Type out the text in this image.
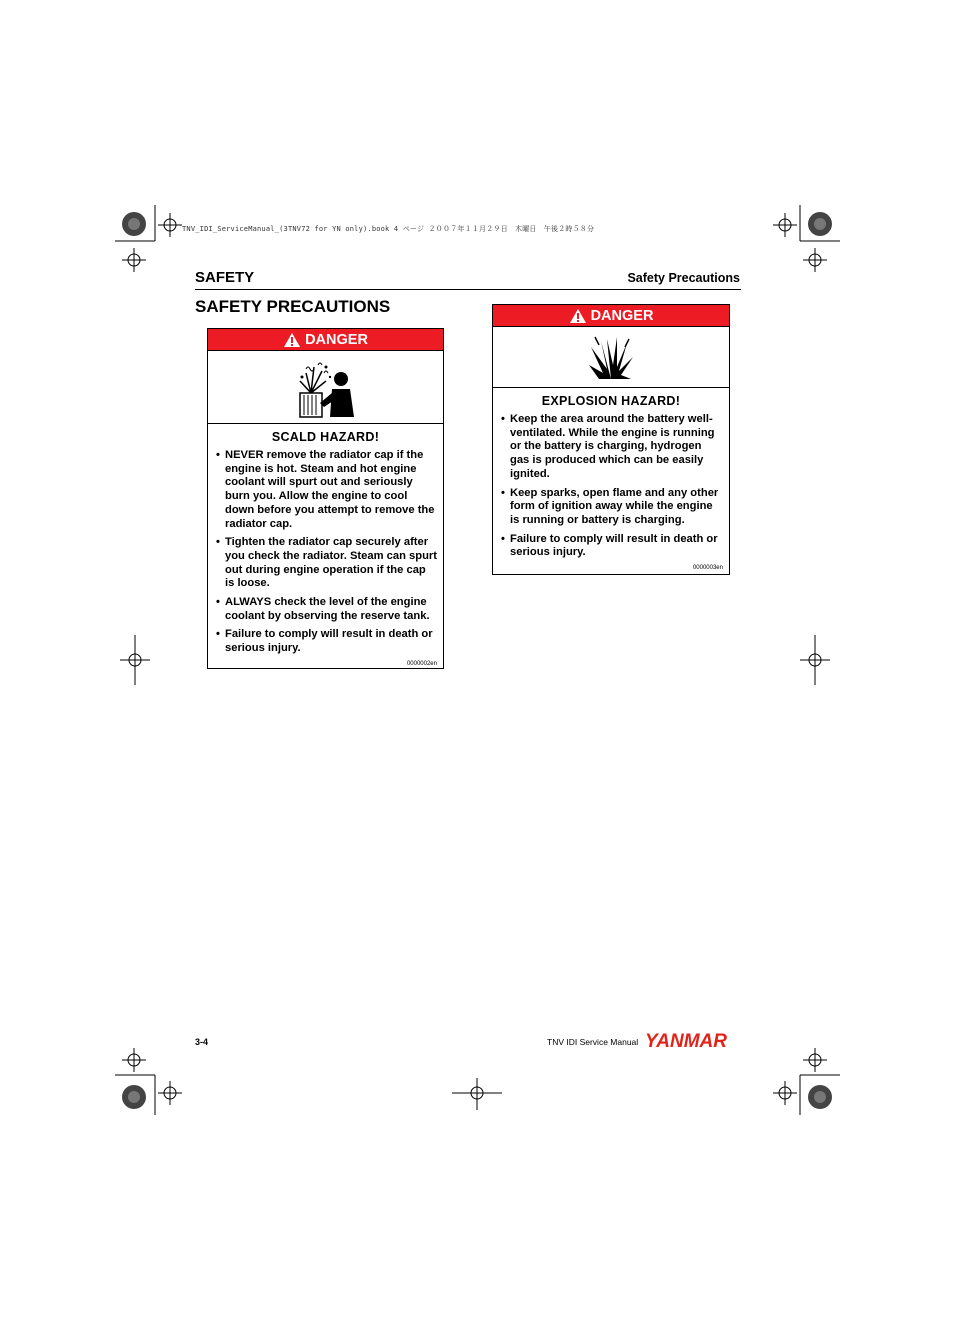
TNV_IDI_ServiceManual_(3TNV72 for YN only).book 4 ページ ２００７年１１月２９日　木曜日　午後２時５８分
SAFETY	Safety Precautions
SAFETY PRECAUTIONS
DANGER
SCALD HAZARD!
• NEVER remove the radiator cap if the engine is hot. Steam and hot engine coolant will spurt out and seriously burn you. Allow the engine to cool down before you attempt to remove the radiator cap.
• Tighten the radiator cap securely after you check the radiator. Steam can spurt out during engine operation if the cap is loose.
• ALWAYS check the level of the engine coolant by observing the reserve tank.
• Failure to comply will result in death or serious injury.
0000002en
DANGER
EXPLOSION HAZARD!
• Keep the area around the battery well-ventilated. While the engine is running or the battery is charging, hydrogen gas is produced which can be easily ignited.
• Keep sparks, open flame and any other form of ignition away while the engine is running or battery is charging.
• Failure to comply will result in death or serious injury.
0000003en
3-4	TNV IDI Service Manual YANMAR
